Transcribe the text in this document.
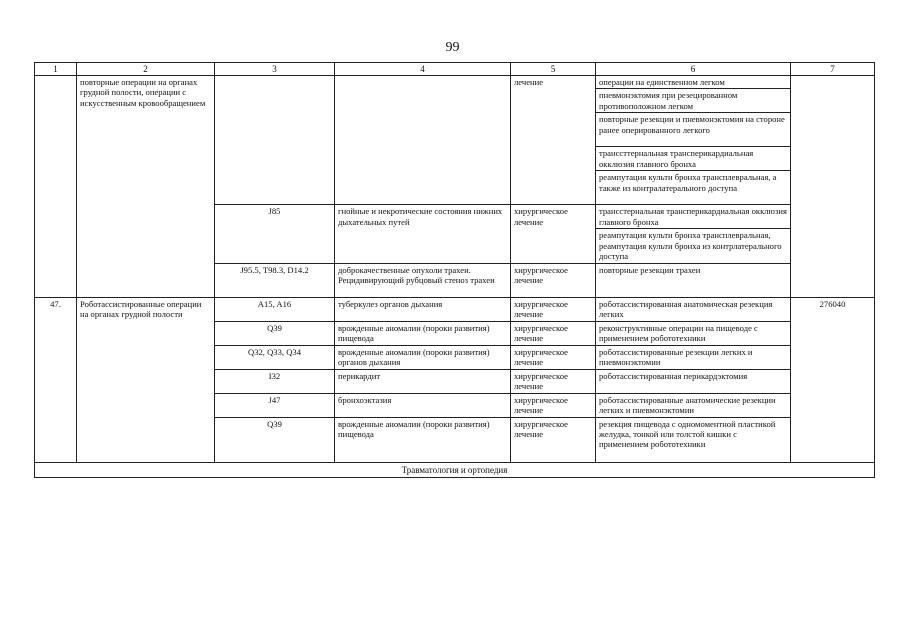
99
1	2	3	4	5	6	7
	повторные операции на органах грудной полости, операции с искусственным кровообращением			лечение	операции на единственном легком	
					пневмонэктомия при резецированном противоположном легком	
					повторные резекции и пневмонэктомия на стороне ранее оперированного легкого	
					транссттернальная трансперикардиальная окклюзия главного бронха	
					реампутация культи бронха трансплевральная, а также из контралатерального доступа	
		J85	гнойные и некротические состояния нижних дыхательных путей	хирургическое лечение	трансстернальная трансперикардиальная окклюзия главного бронха	
					реампутация культи бронха трансплевральная, реампутация культи бронха из контрлатерального доступа	
		J95.5, T98.3, D14.2	доброкачественные опухоли трахеи. Рецидивирующий рубцовый стеноз трахеи	хирургическое лечение	повторные резекции трахеи	
47.	Роботассистированные операции на органах грудной полости	A15, A16	туберкулез органов дыхания	хирургическое лечение	роботассистированная анатомическая резекция легких	276040
		Q39	врожденные аномалии (пороки развития) пищевода	хирургическое лечение	реконструктивные операции на пищеводе с применением робототехники	
		Q32, Q33, Q34	врожденные аномалии (пороки развития) органов дыхания	хирургическое лечение	роботассистированные резекции легких и пневмонэктомии	
		I32	перикардит	хирургическое лечение	роботассистированная перикардэктомия	
		J47	бронхоэктазия	хирургическое лечение	роботассистированные анатомические резекции легких и пневмонэктомии	
		Q39	врожденные аномалии (пороки развития) пищевода	хирургическое лечение	резекция пищевода с одномоментной пластикой желудка, тонкой или толстой кишки с применением робототехники	
Травматология и ортопедия						
